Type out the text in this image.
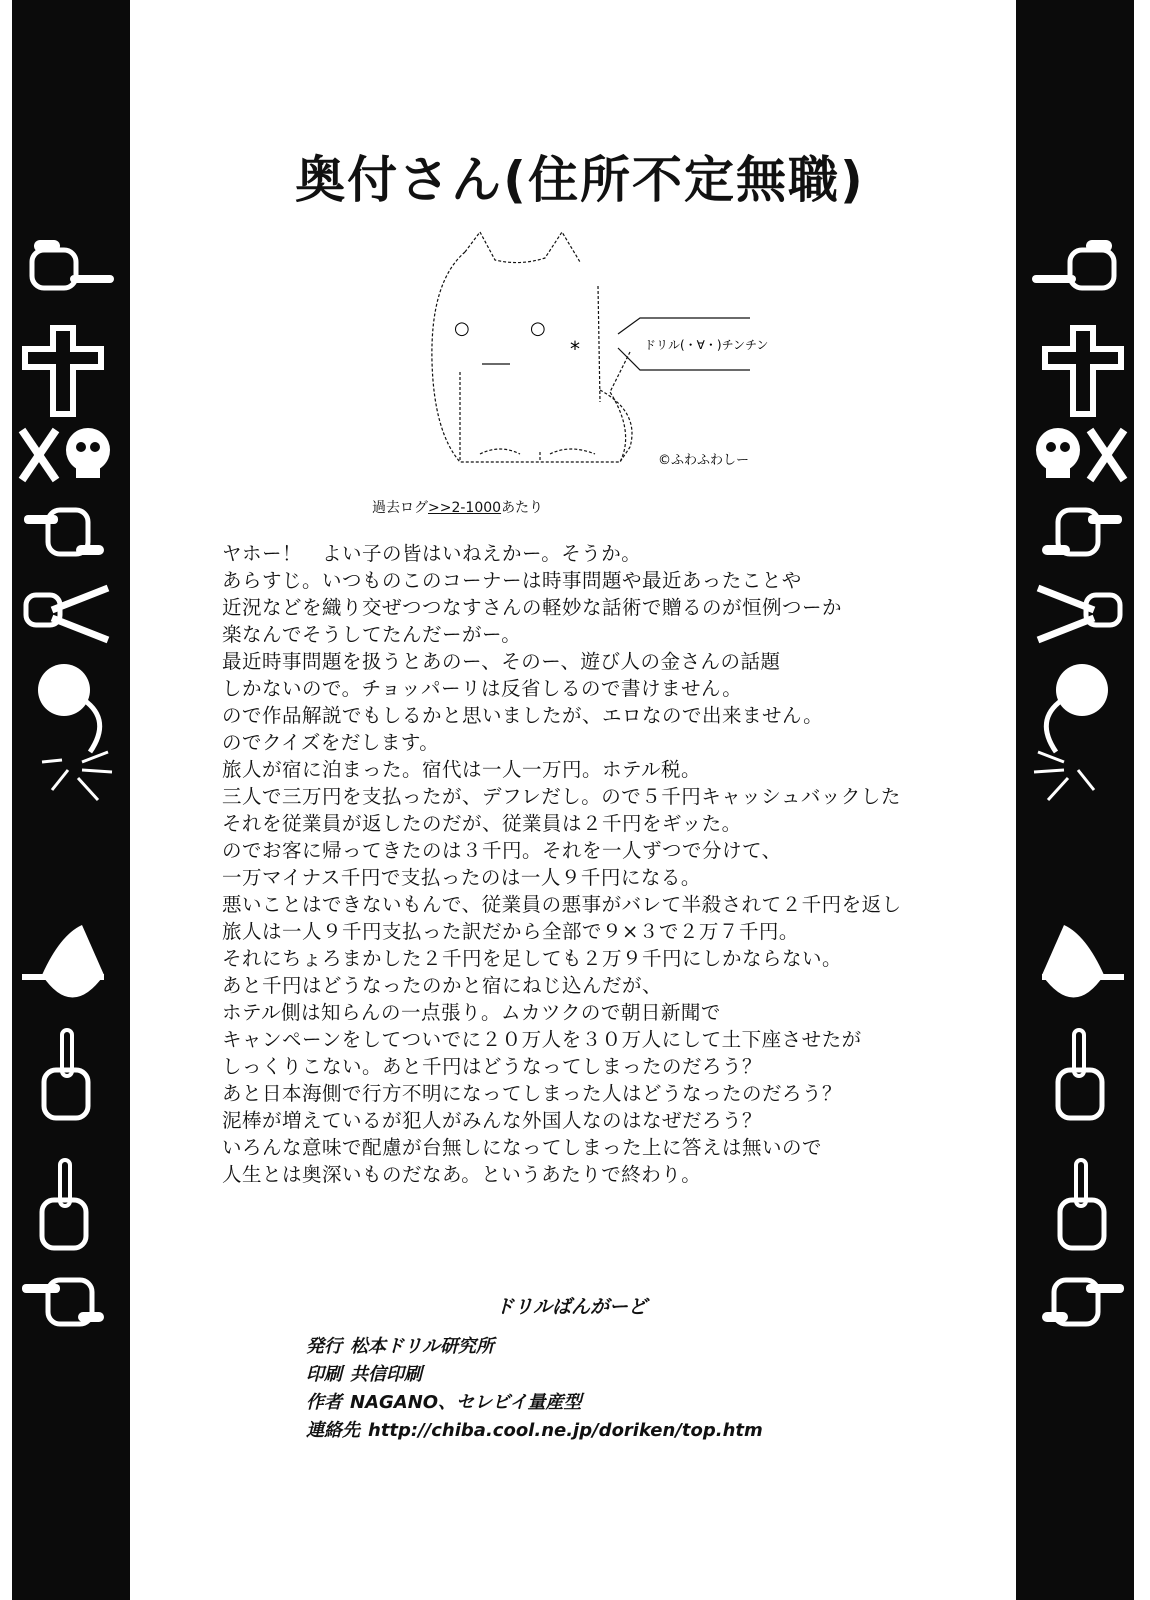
奥付さん(住所不定無職)
○	○
*	ドリル(・∀・)チンチン
©ふわふわしー
過去ログ>>2-1000あたり
ヤホー！　よい子の皆はいねえかー。そうか。
あらすじ。いつものこのコーナーは時事問題や最近あったことや
近況などを織り交ぜつつなすさんの軽妙な話術で贈るのが恒例つーか
楽なんでそうしてたんだーがー。
最近時事問題を扱うとあのー、そのー、遊び人の金さんの話題
しかないので。チョッパーリは反省しるので書けません。
ので作品解説でもしるかと思いましたが、エロなので出来ません。
のでクイズをだします。
旅人が宿に泊まった。宿代は一人一万円。ホテル税。
三人で三万円を支払ったが、デフレだし。ので５千円キャッシュバックした
それを従業員が返したのだが、従業員は２千円をギッた。
のでお客に帰ってきたのは３千円。それを一人ずつで分けて、
一万マイナス千円で支払ったのは一人９千円になる。
悪いことはできないもんで、従業員の悪事がバレて半殺されて２千円を返し
旅人は一人９千円支払った訳だから全部で９×３で２万７千円。
それにちょろまかした２千円を足しても２万９千円にしかならない。
あと千円はどうなったのかと宿にねじ込んだが、
ホテル側は知らんの一点張り。ムカツクので朝日新聞で
キャンペーンをしてついでに２０万人を３０万人にして土下座させたが
しっくりこない。あと千円はどうなってしまったのだろう？
あと日本海側で行方不明になってしまった人はどうなったのだろう？
泥棒が増えているが犯人がみんな外国人なのはなぜだろう？
いろんな意味で配慮が台無しになってしまった上に答えは無いので
人生とは奥深いものだなあ。というあたりで終わり。
ドリルばんがーど
発行 松本ドリル研究所
印刷 共信印刷
作者 NAGANO、セレビイ量産型
連絡先 http://chiba.cool.ne.jp/doriken/top.htm
